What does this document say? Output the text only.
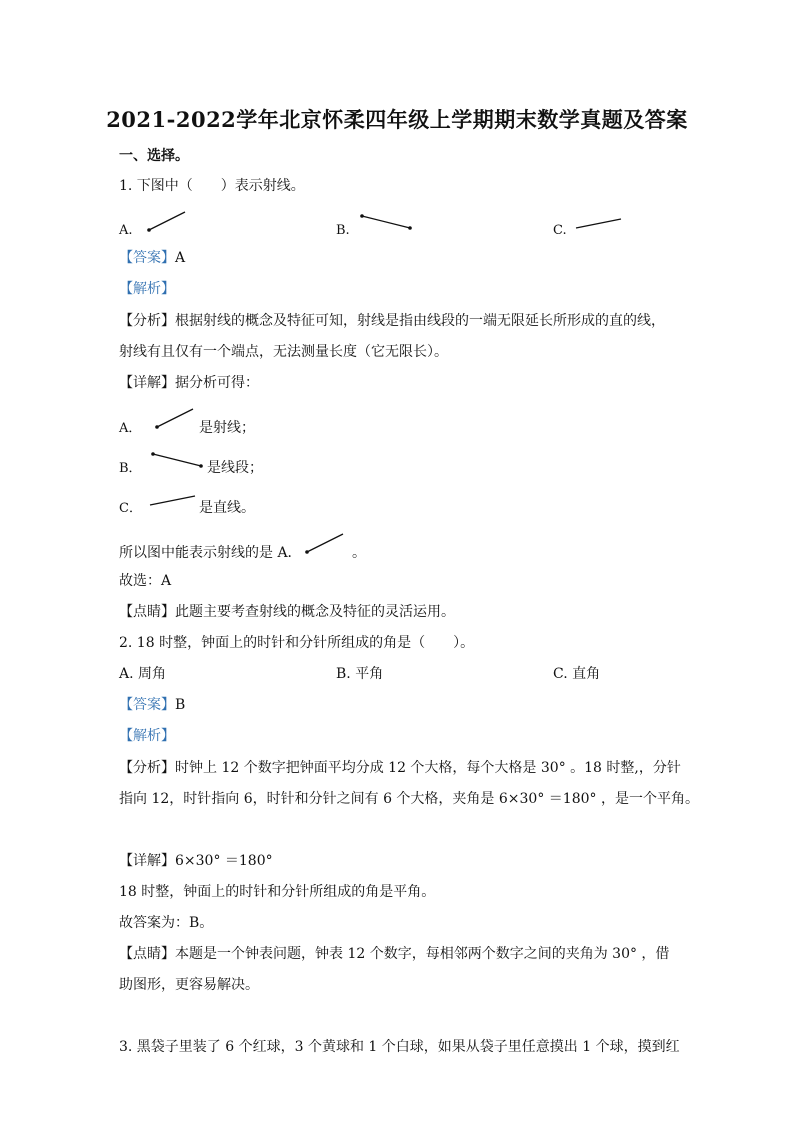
2021-2022学年北京怀柔四年级上学期期末数学真题及答案
一、选择。
1. 下图中（　　）表示射线。
A.	B.	C.
【答案】A
【解析】
【分析】根据射线的概念及特征可知，射线是指由线段的一端无限延长所形成的直的线，
射线有且仅有一个端点，无法测量长度（它无限长）。
【详解】据分析可得：
A．	是射线；
B．	是线段；
C．	是直线。
所以图中能表示射线的是 A．	。
故选：A
【点睛】此题主要考查射线的概念及特征的灵活运用。
2. 18 时整，钟面上的时针和分针所组成的角是（　　）。
A. 周角	B. 平角	C. 直角
【答案】B
【解析】
【分析】时钟上 12 个数字把钟面平均分成 12 个大格，每个大格是 30° 。18 时整,，分针
指向 12，时针指向 6，时针和分针之间有 6 个大格，夹角是 6×30° ＝180° ，是一个平角。
【详解】6×30° ＝180°
18 时整，钟面上的时针和分针所组成的角是平角。
故答案为：B。
【点睛】本题是一个钟表问题，钟表 12 个数字，每相邻两个数字之间的夹角为 30° ，借
助图形，更容易解决。
3. 黑袋子里装了 6 个红球，3 个黄球和 1 个白球，如果从袋子里任意摸出 1 个球，摸到红
